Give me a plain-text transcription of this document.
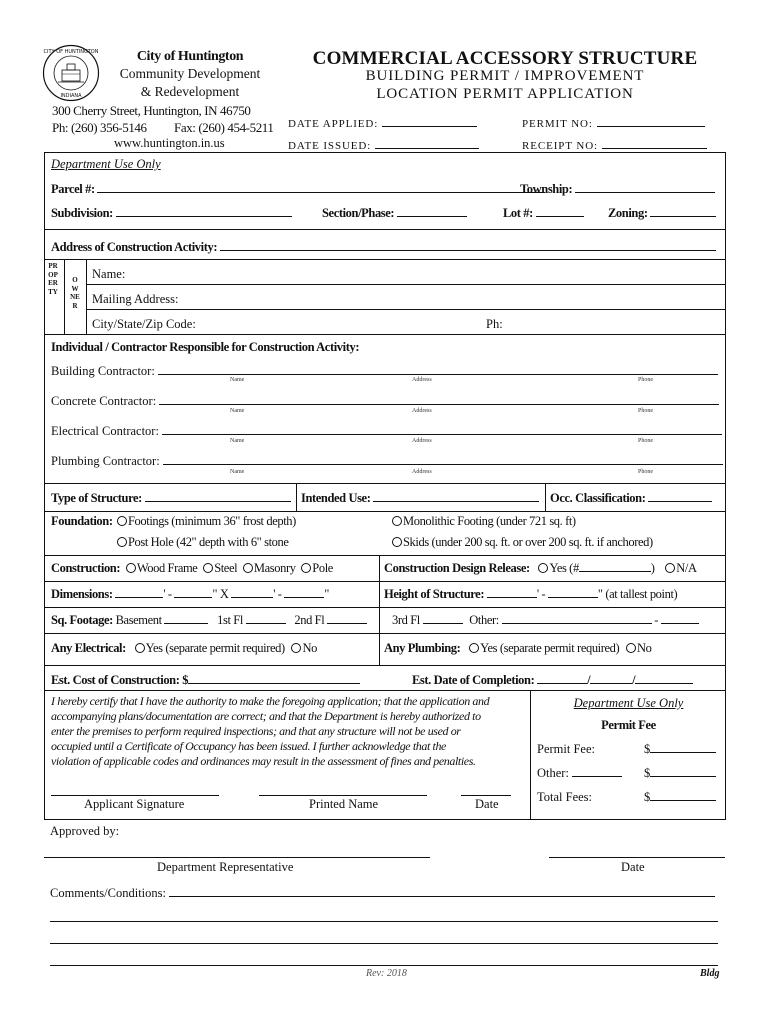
CITY OF HUNTINGTON
INDIANA
City of Huntington
Community Development
& Redevelopment
300 Cherry Street, Huntington, IN 46750
Ph: (260) 356-5146 Fax: (260) 454-5211
www.huntington.in.us
COMMERCIAL ACCESSORY STRUCTURE
BUILDING PERMIT / IMPROVEMENT
LOCATION PERMIT APPLICATION
DATE APPLIED:	PERMIT NO:
DATE ISSUED:	RECEIPT NO:
Department Use Only
Parcel #:	Township:
Subdivision:	Section/Phase:	Lot #:	Zoning:
Address of Construction Activity:
PROPERTY
OWNER
Name:
Mailing Address:
City/State/Zip Code:	Ph:
Individual / Contractor Responsible for Construction Activity:
Building Contractor:
Name	Address	Phone
Concrete Contractor:
Name	Address	Phone
Electrical Contractor:
Name	Address	Phone
Plumbing Contractor:
Name	Address	Phone
Type of Structure:	Intended Use:	Occ. Classification:
Foundation:	Footings (minimum 36" frost depth)	Monolithic Footing (under 721 sq. ft)
Post Hole (42" depth with 6" stone	Skids (under 200 sq. ft. or over 200 sq. ft. if anchored)
Construction: Wood Frame Steel Masonry Pole	Construction Design Release: Yes (#	) N/A
Dimensions:	' -	" X	' -	"	Height of Structure:	' -	" (at tallest point)
Sq. Footage: Basement	1st Fl	2nd Fl	3rd Fl	Other:	-
Any Electrical: Yes (separate permit required) No	Any Plumbing: Yes (separate permit required) No
Est. Cost of Construction: $	Est. Date of Completion:	/	/
I hereby certify that I have the authority to make the foregoing application; that the application and
accompanying plans/documentation are correct; and that the Department is hereby authorized to
enter the premises to perform required inspections; and that any structure will not be used or
occupied until a Certificate of Occupancy has been issued. I further acknowledge that the
violation of applicable codes and ordinances may result in the assessment of fines and penalties.
Applicant Signature	Printed Name	Date
Department Use Only
Permit Fee
Permit Fee:	$
Other:	$
Total Fees:	$
Approved by:
Department Representative	Date
Comments/Conditions:
Rev: 2018	Bldg
